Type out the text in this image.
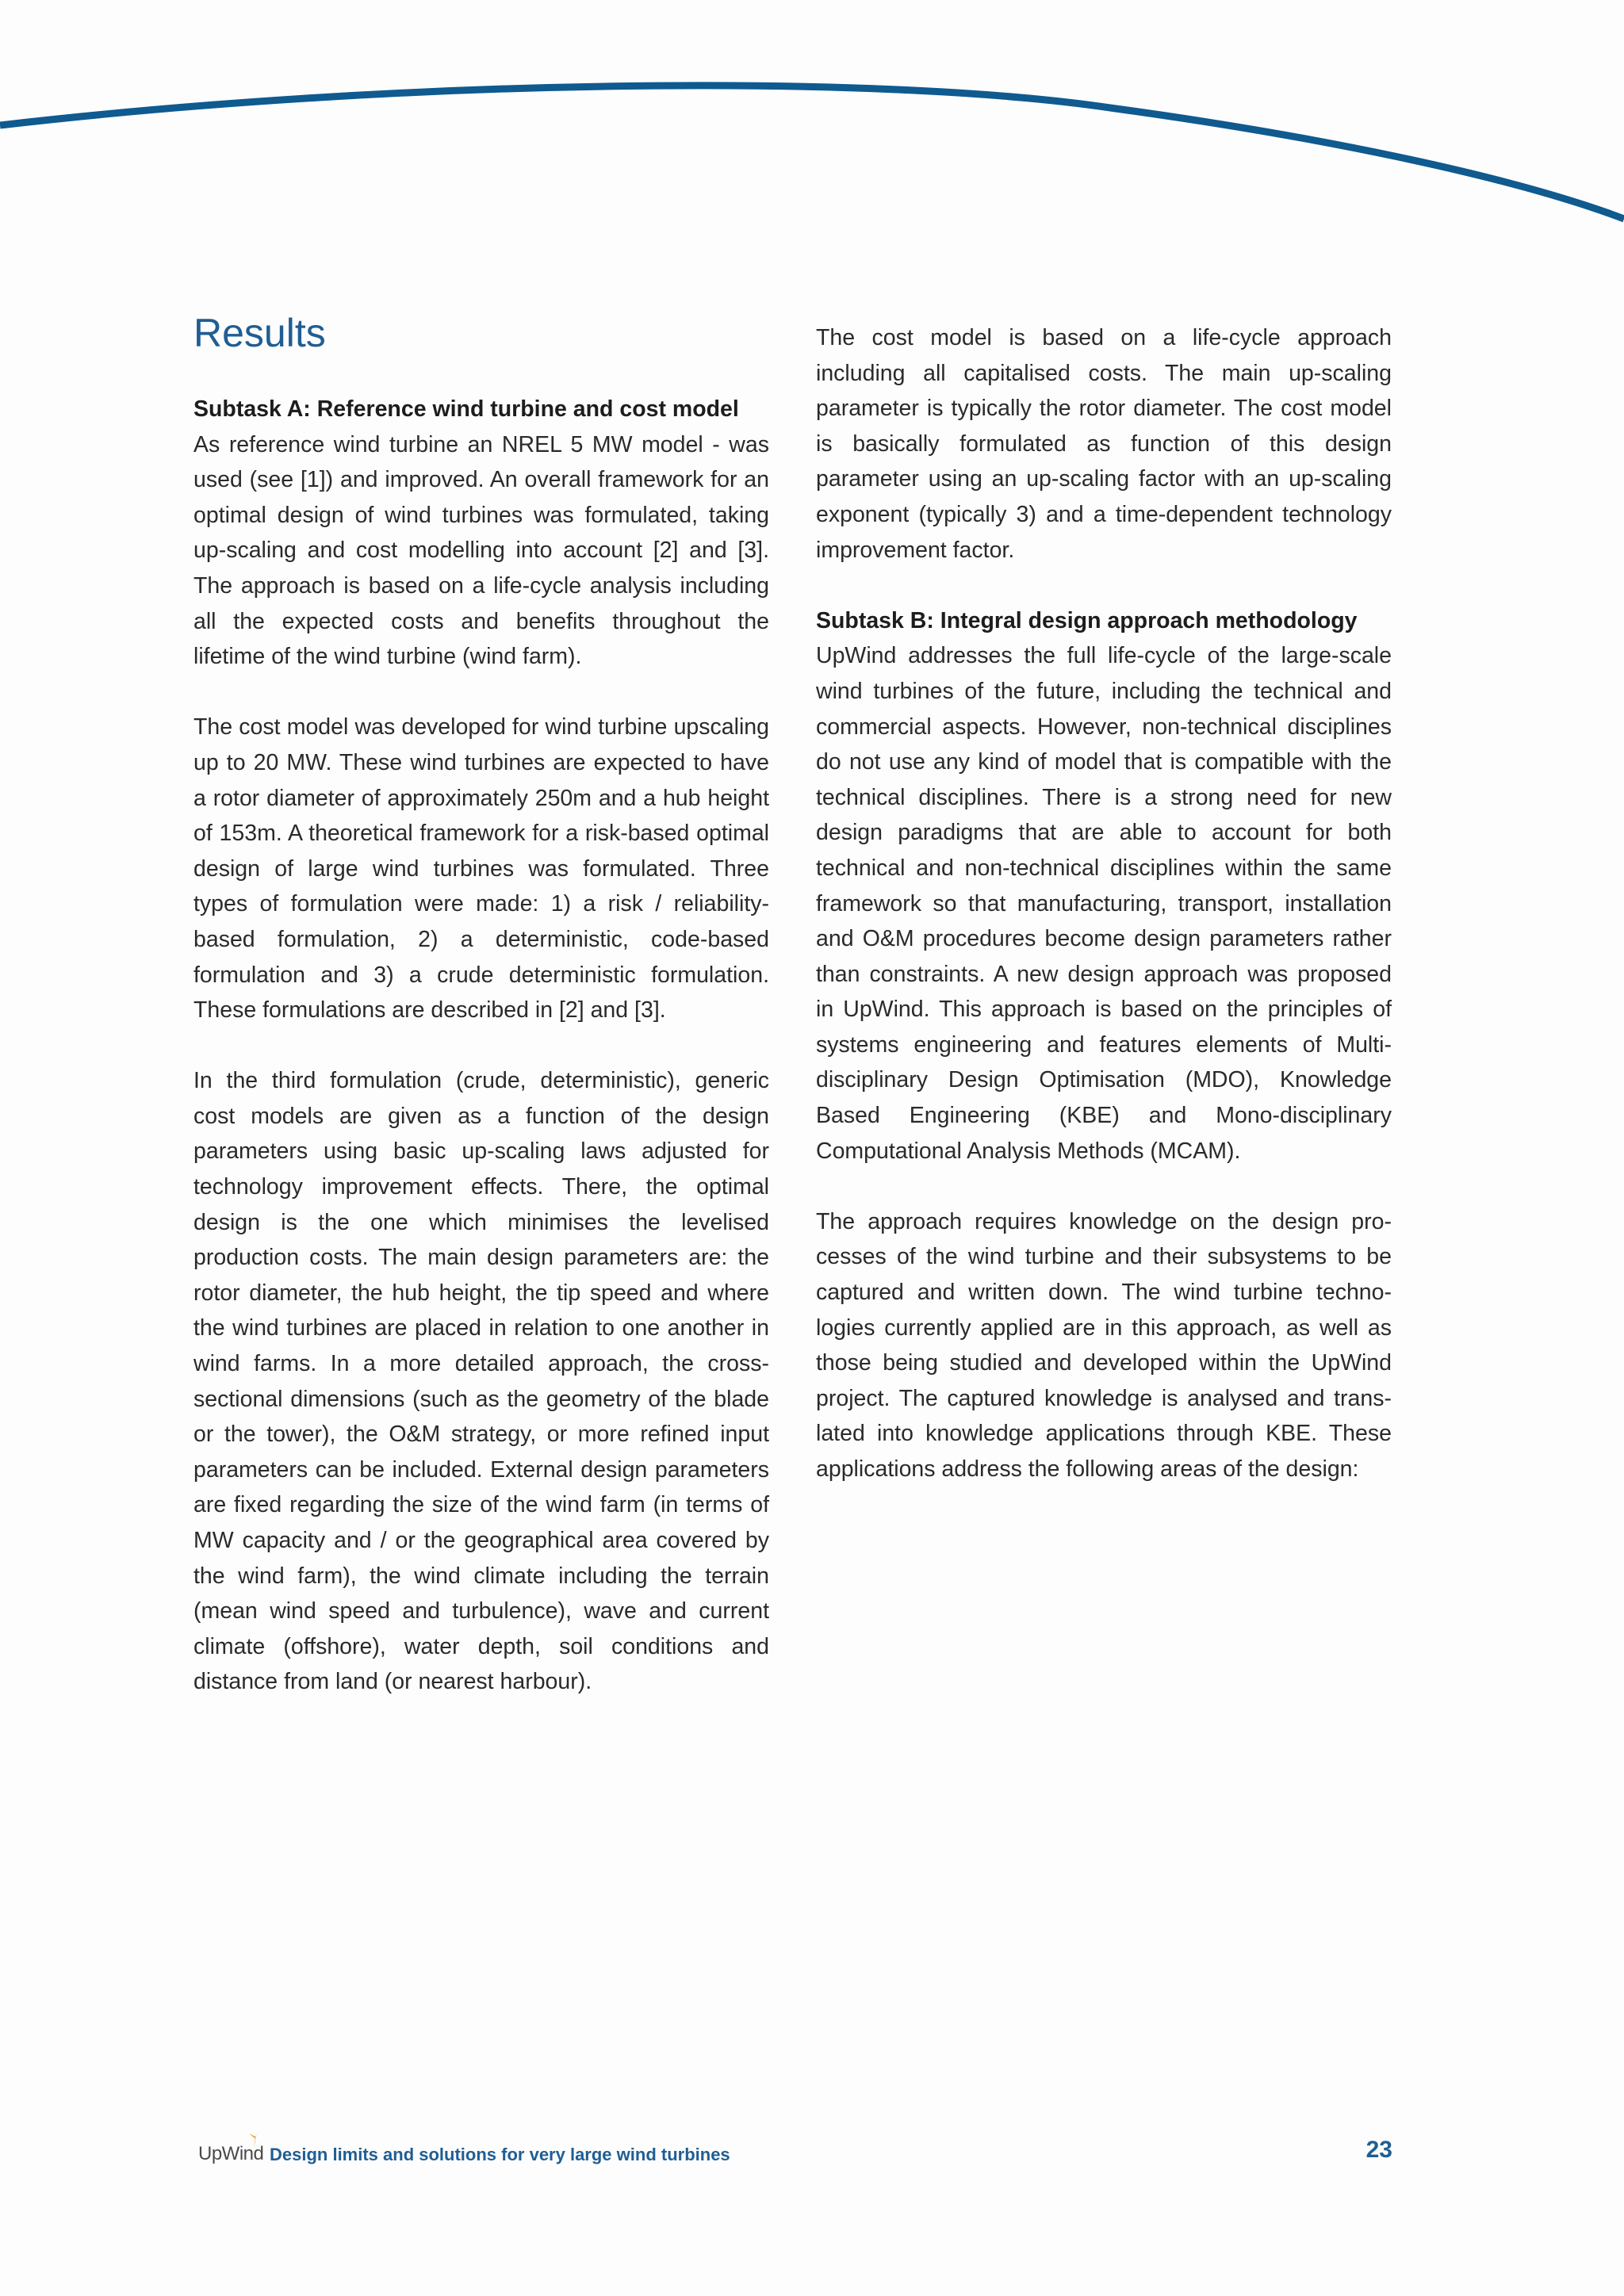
Results
Subtask A: Reference wind turbine and cost model

As reference wind turbine an NREL 5 MW model - was used (see [1]) and improved. An overall framework for an optimal design of wind turbines was formulated, taking up-scaling and cost modelling into account [2] and [3]. The approach is based on a life-cycle analysis including all the expected costs and benefits throughout the lifetime of the wind turbine (wind farm).

The cost model was developed for wind turbine upscaling up to 20 MW. These wind turbines are expected to have a rotor diameter of approximately 250m and a hub height of 153m. A theoretical framework for a risk-based optimal design of large wind turbines was formulated. Three types of formulation were made: 1) a risk / reliability-based formulation, 2) a deterministic, code-based formulation and 3) a crude deterministic formulation. These formulations are described in [2] and [3].

In the third formulation (crude, deterministic), generic cost models are given as a function of the design parameters using basic up-scaling laws adjusted for technology improvement effects. There, the optimal design is the one which minimises the levelised production costs. The main design parameters are: the rotor diameter, the hub height, the tip speed and where the wind turbines are placed in relation to one another in wind farms. In a more detailed approach, the crosssectional dimensions (such as the geometry of the blade or the tower), the O&M strategy, or more refined input parameters can be included. External design parameters are fixed regarding the size of the wind farm (in terms of MW capacity and / or the geographical area covered by the wind farm), the wind climate including the terrain (mean wind speed and turbulence), wave and current climate (offshore), water depth, soil conditions and distance from land (or nearest harbour).

The cost model is based on a life-cycle approach including all capitalised costs. The main up-scaling parameter is typically the rotor diameter. The cost model is basically formulated as function of this design parameter using an up-scaling factor with an up-scaling exponent (typically 3) and a time-dependent technology improvement factor.

Subtask B: Integral design approach methodology

UpWind addresses the full life-cycle of the large-scale wind turbines of the future, including the technical and commercial aspects. However, non-technical disciplines do not use any kind of model that is compatible with the technical disciplines. There is a strong need for new design paradigms that are able to account for both technical and non-technical disciplines within the same framework so that manufacturing, transport, installation and O&M procedures become design parameters rather than constraints. A new design approach was proposed in UpWind. This approach is based on the principles of systems engineering and features elements of Multi-disciplinary Design Optimisation (MDO), Knowledge Based Engineering (KBE) and Mono-disciplinary Computational Analysis Methods (MCAM).

The approach requires knowledge on the design processes of the wind turbine and their subsystems to be captured and written down. The wind turbine technologies currently applied are in this approach, as well as those being studied and developed within the UpWind project. The captured knowledge is analysed and translated into knowledge applications through KBE. These applications address the following areas of the design:

UpWind Design limits and solutions for very large wind turbines	23
